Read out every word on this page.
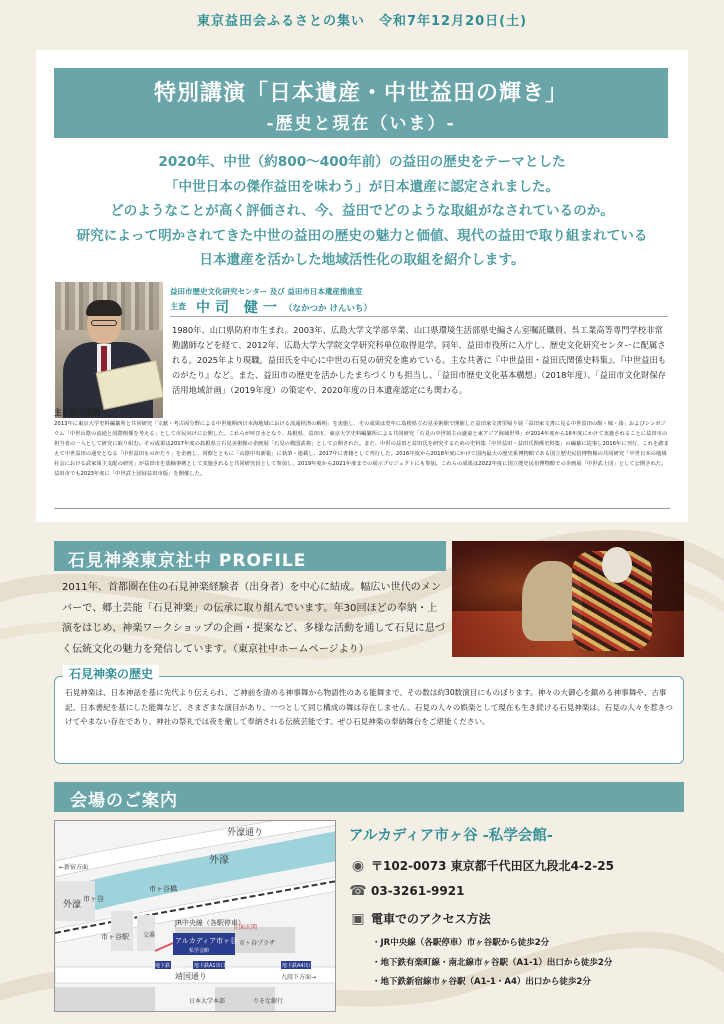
東京益田会ふるさとの集い　令和7年12月20日(土)
特別講演「日本遺産・中世益田の輝き」
-歴史と現在（いま）-
2020年、中世（約800～400年前）の益田の歴史をテーマとした
「中世日本の傑作益田を味わう」が日本遺産に認定されました。
どのようなことが高く評価され、今、益田でどのような取組がなされているのか。
研究によって明かされてきた中世の益田の歴史の魅力と価値、現代の益田で取り組まれている
日本遺産を活かした地域活性化の取組を紹介します。
益田市歴史文化研究センター 及び 益田市日本遺産推進室
主査 中司 健一 （なかつか けんいち）
1980年、山口県防府市生まれ。2003年、広島大学文学部卒業、山口県環境生活部県史編さん室嘱託職員、呉工業高等専門学校非常勤講師などを経て、2012年、広島大学大学院文学研究科単位取得退学。同年、益田市役所に入庁し、歴史文化研究センターに配属される。2025年より現職。益田氏を中心に中世の石見の研究を進めている。主な共著に『中世益田・益田氏関係史料集』、『中世益田ものがたり』など。また、益田市の歴史を活かしたまちづくりも担当し、「益田市歴史文化基本構想」（2018年度）、「益田市文化財保存活用地域計画」（2019年度）の策定や、2020年度の日本遺産認定にも関わる。
主な研究活動
2013年に東京大学史料編纂所と共同研究「文献・考古両分野による中世後期西日本海地域における流通経済の解明」を実施し、その成果は翌年に島根県立石見美術館で開催した益田家文書里帰り展「益田家文書に見る中世益田の館・城・湊」およびシンポジウム「中世山陰の流通と国際関係を考える」として市民向けに公開した。これらが呼び水となり、島根県、益田市、東京大学史料編纂所による共同研究「石見の中世領主の盛衰と東アジア海域世界」が2014年度から16年度にかけて実施されることに益田市の担当者の一人として研究に取り組む。その成果は2017年度の島根県立石見美術館の企画展「石見の戦国武将」として公開された。また、中世の益田と益田氏を研究するための史料集「中世益田・益田氏関係史料集」の編纂に従事し2016年に刊行、これを踏まえて中世益田の通史となる「中世益田ものがたり」を企画し、同僚とともに「山陰中央新報」に執筆・連載し、2017年に書籍として刊行した。2016年度から2018年度にかけて国内最大の歴史系博物館である国立歴史民俗博物館の共同研究「中世日本の地域社会における武家領主支配の研究」が益田市を基軸事例として実施されると共同研究員として参加し、2019年度から2021年度までの展示プロジェクトにも参加。これらの成果は2022年度に国立歴史民俗博物館での企画展「中世武士団」として公開された。益田市でも2023年度に「中世武士団展益田市版」を開催した。
石見神楽東京社中 PROFILE
2011年、首都圏在住の石見神楽経験者（出身者）を中心に結成。幅広い世代のメンバーで、郷土芸能「石見神楽」の伝承に取り組んでいます。年30回ほどの奉納・上演をはじめ、神楽ワークショップの企画・提案など、多様な活動を通して石見に息づく伝統文化の魅力を発信しています。（東京社中ホームページより）
石見神楽の歴史
石見神楽は、日本神話を基に先代より伝えられ、ご神前を清める神事舞から物語性のある能舞まで、その数は約30数演目にものぼります。神々の大御心を鎮める神事舞や、古事記、日本書紀を基にした能舞など、さまざまな演目があり、一つとして同じ構成の舞は存在しません。石見の人々の娯楽として現在も生き続ける石見神楽は、石見の人々を惹きつけてやまない存在であり、神社の祭礼では夜を徹して奉納される伝統芸能です。ぜひ石見神楽の奉納舞台をご堪能ください。
会場のご案内
外濠通り
外濠
←新宿方面
外濠
市ヶ谷橋
JR中央線（各駅停車）
市ヶ谷駅 交番
正面玄関
アルカディア市ヶ谷
私学会館
市ヶ谷プラザ
地下鉄 1出口 地下鉄A1出口	地下鉄A4出口
靖国通り	九段下方面→
日本大学本部	りそな銀行
市ヶ谷
アルカディア市ヶ谷 -私学会館-
◉ 〒102-0073 東京都千代田区九段北4-2-25
☎ 03-3261-9921
▣ 電車でのアクセス方法
・JR中央線（各駅停車）市ヶ谷駅から徒歩2分
・地下鉄有楽町線・南北線市ヶ谷駅（A1-1）出口から徒歩2分
・地下鉄新宿線市ヶ谷駅（A1-1・A4）出口から徒歩2分
